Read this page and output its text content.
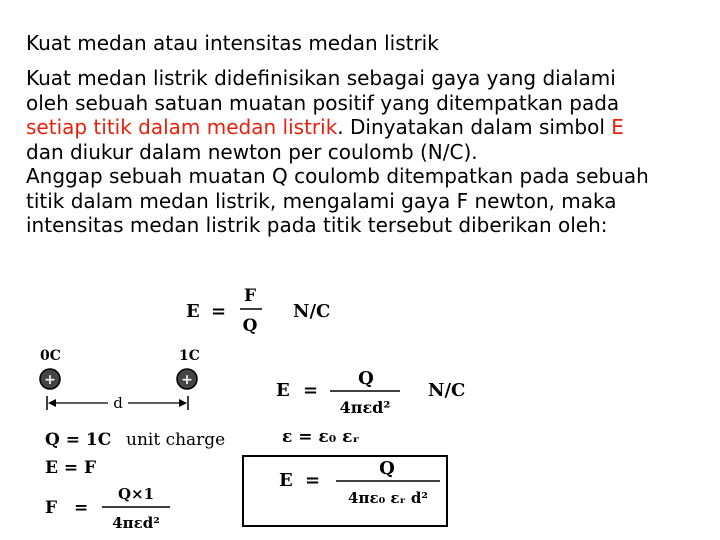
Kuat medan atau intensitas medan listrik
Kuat medan listrik didefinisikan sebagai gaya yang dialami
oleh sebuah satuan muatan positif yang ditempatkan pada
setiap titik dalam medan listrik. Dinyatakan dalam simbol E
dan diukur dalam newton per coulomb (N/C).
Anggap sebuah muatan Q coulomb ditempatkan pada sebuah
titik dalam medan listrik, mengalami gaya F newton, maka
intensitas medan listrik pada titik tersebut diberikan oleh:
E =
F
Q
N/C
0C	1C
+	+
d
Q = 1C unit charge
E = F
F =
Q×1
4πεd²
E =
Q
4πεd²
N/C
ε = ε₀ εᵣ
E =
Q
4πε₀ εᵣ d²
